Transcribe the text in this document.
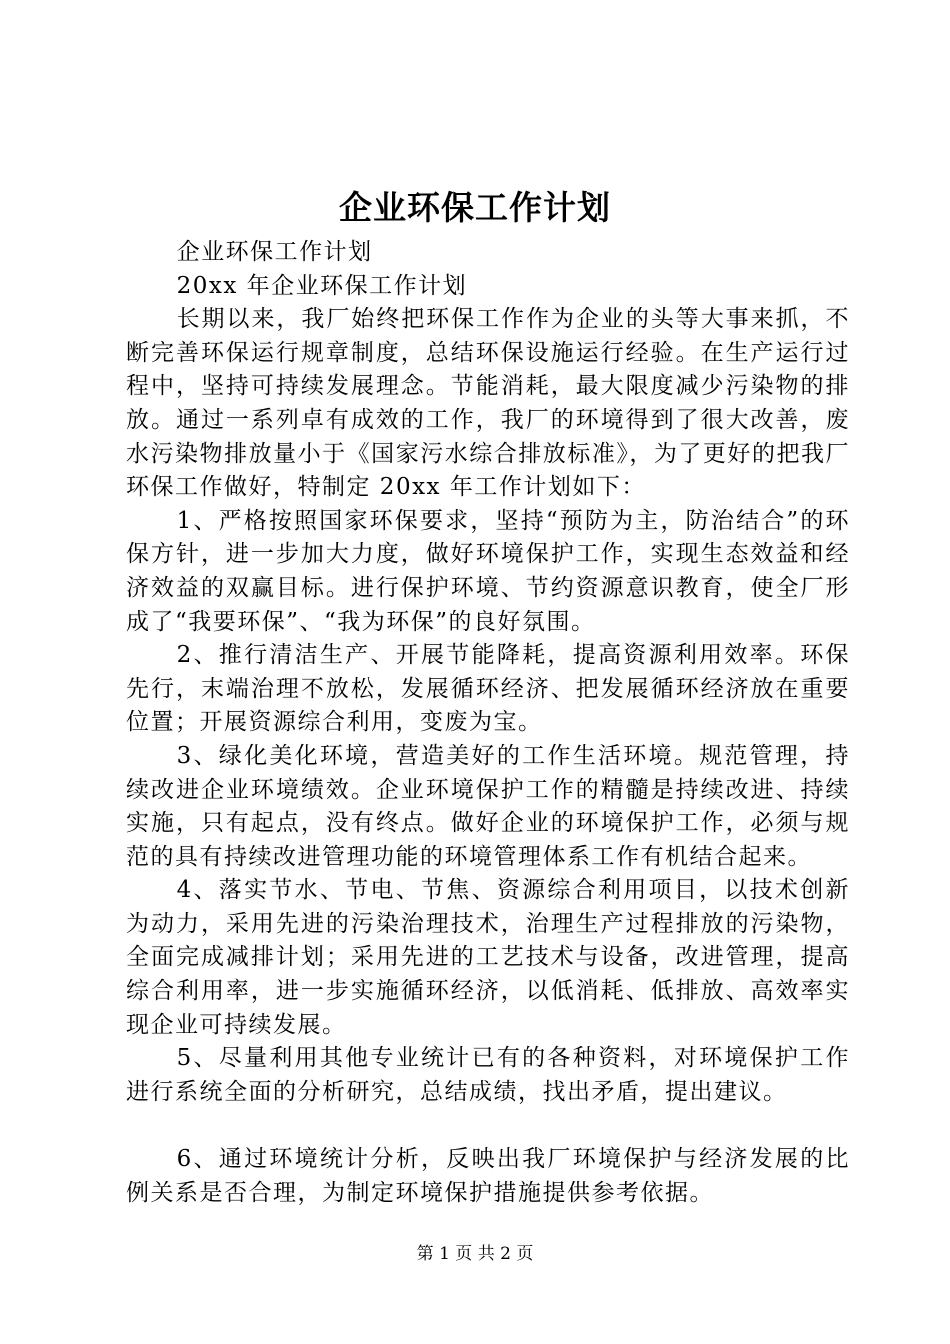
企业环保工作计划

企业环保工作计划

20xx 年企业环保工作计划

长期以来，我厂始终把环保工作作为企业的头等大事来抓，不断完善环保运行规章制度，总结环保设施运行经验。在生产运行过程中，坚持可持续发展理念。节能消耗，最大限度减少污染物的排放。通过一系列卓有成效的工作，我厂的环境得到了很大改善，废水污染物排放量小于《国家污水综合排放标准》，为了更好的把我厂环保工作做好，特制定 20xx 年工作计划如下：

1、严格按照国家环保要求，坚持“预防为主，防治结合”的环保方针，进一步加大力度，做好环境保护工作，实现生态效益和经济效益的双赢目标。进行保护环境、节约资源意识教育，使全厂形成了“我要环保”、“我为环保”的良好氛围。

2、推行清洁生产、开展节能降耗，提高资源利用效率。环保先行，末端治理不放松，发展循环经济、把发展循环经济放在重要位置；开展资源综合利用，变废为宝。

3、绿化美化环境，营造美好的工作生活环境。规范管理，持续改进企业环境绩效。企业环境保护工作的精髓是持续改进、持续实施，只有起点，没有终点。做好企业的环境保护工作，必须与规范的具有持续改进管理功能的环境管理体系工作有机结合起来。

4、落实节水、节电、节焦、资源综合利用项目，以技术创新为动力，采用先进的污染治理技术，治理生产过程排放的污染物，全面完成减排计划；采用先进的工艺技术与设备，改进管理，提高综合利用率，进一步实施循环经济，以低消耗、低排放、高效率实现企业可持续发展。

5、尽量利用其他专业统计已有的各种资料，对环境保护工作进行系统全面的分析研究，总结成绩，找出矛盾，提出建议。

6、通过环境统计分析，反映出我厂环境保护与经济发展的比例关系是否合理，为制定环境保护措施提供参考依据。

第 1 页 共 2 页
